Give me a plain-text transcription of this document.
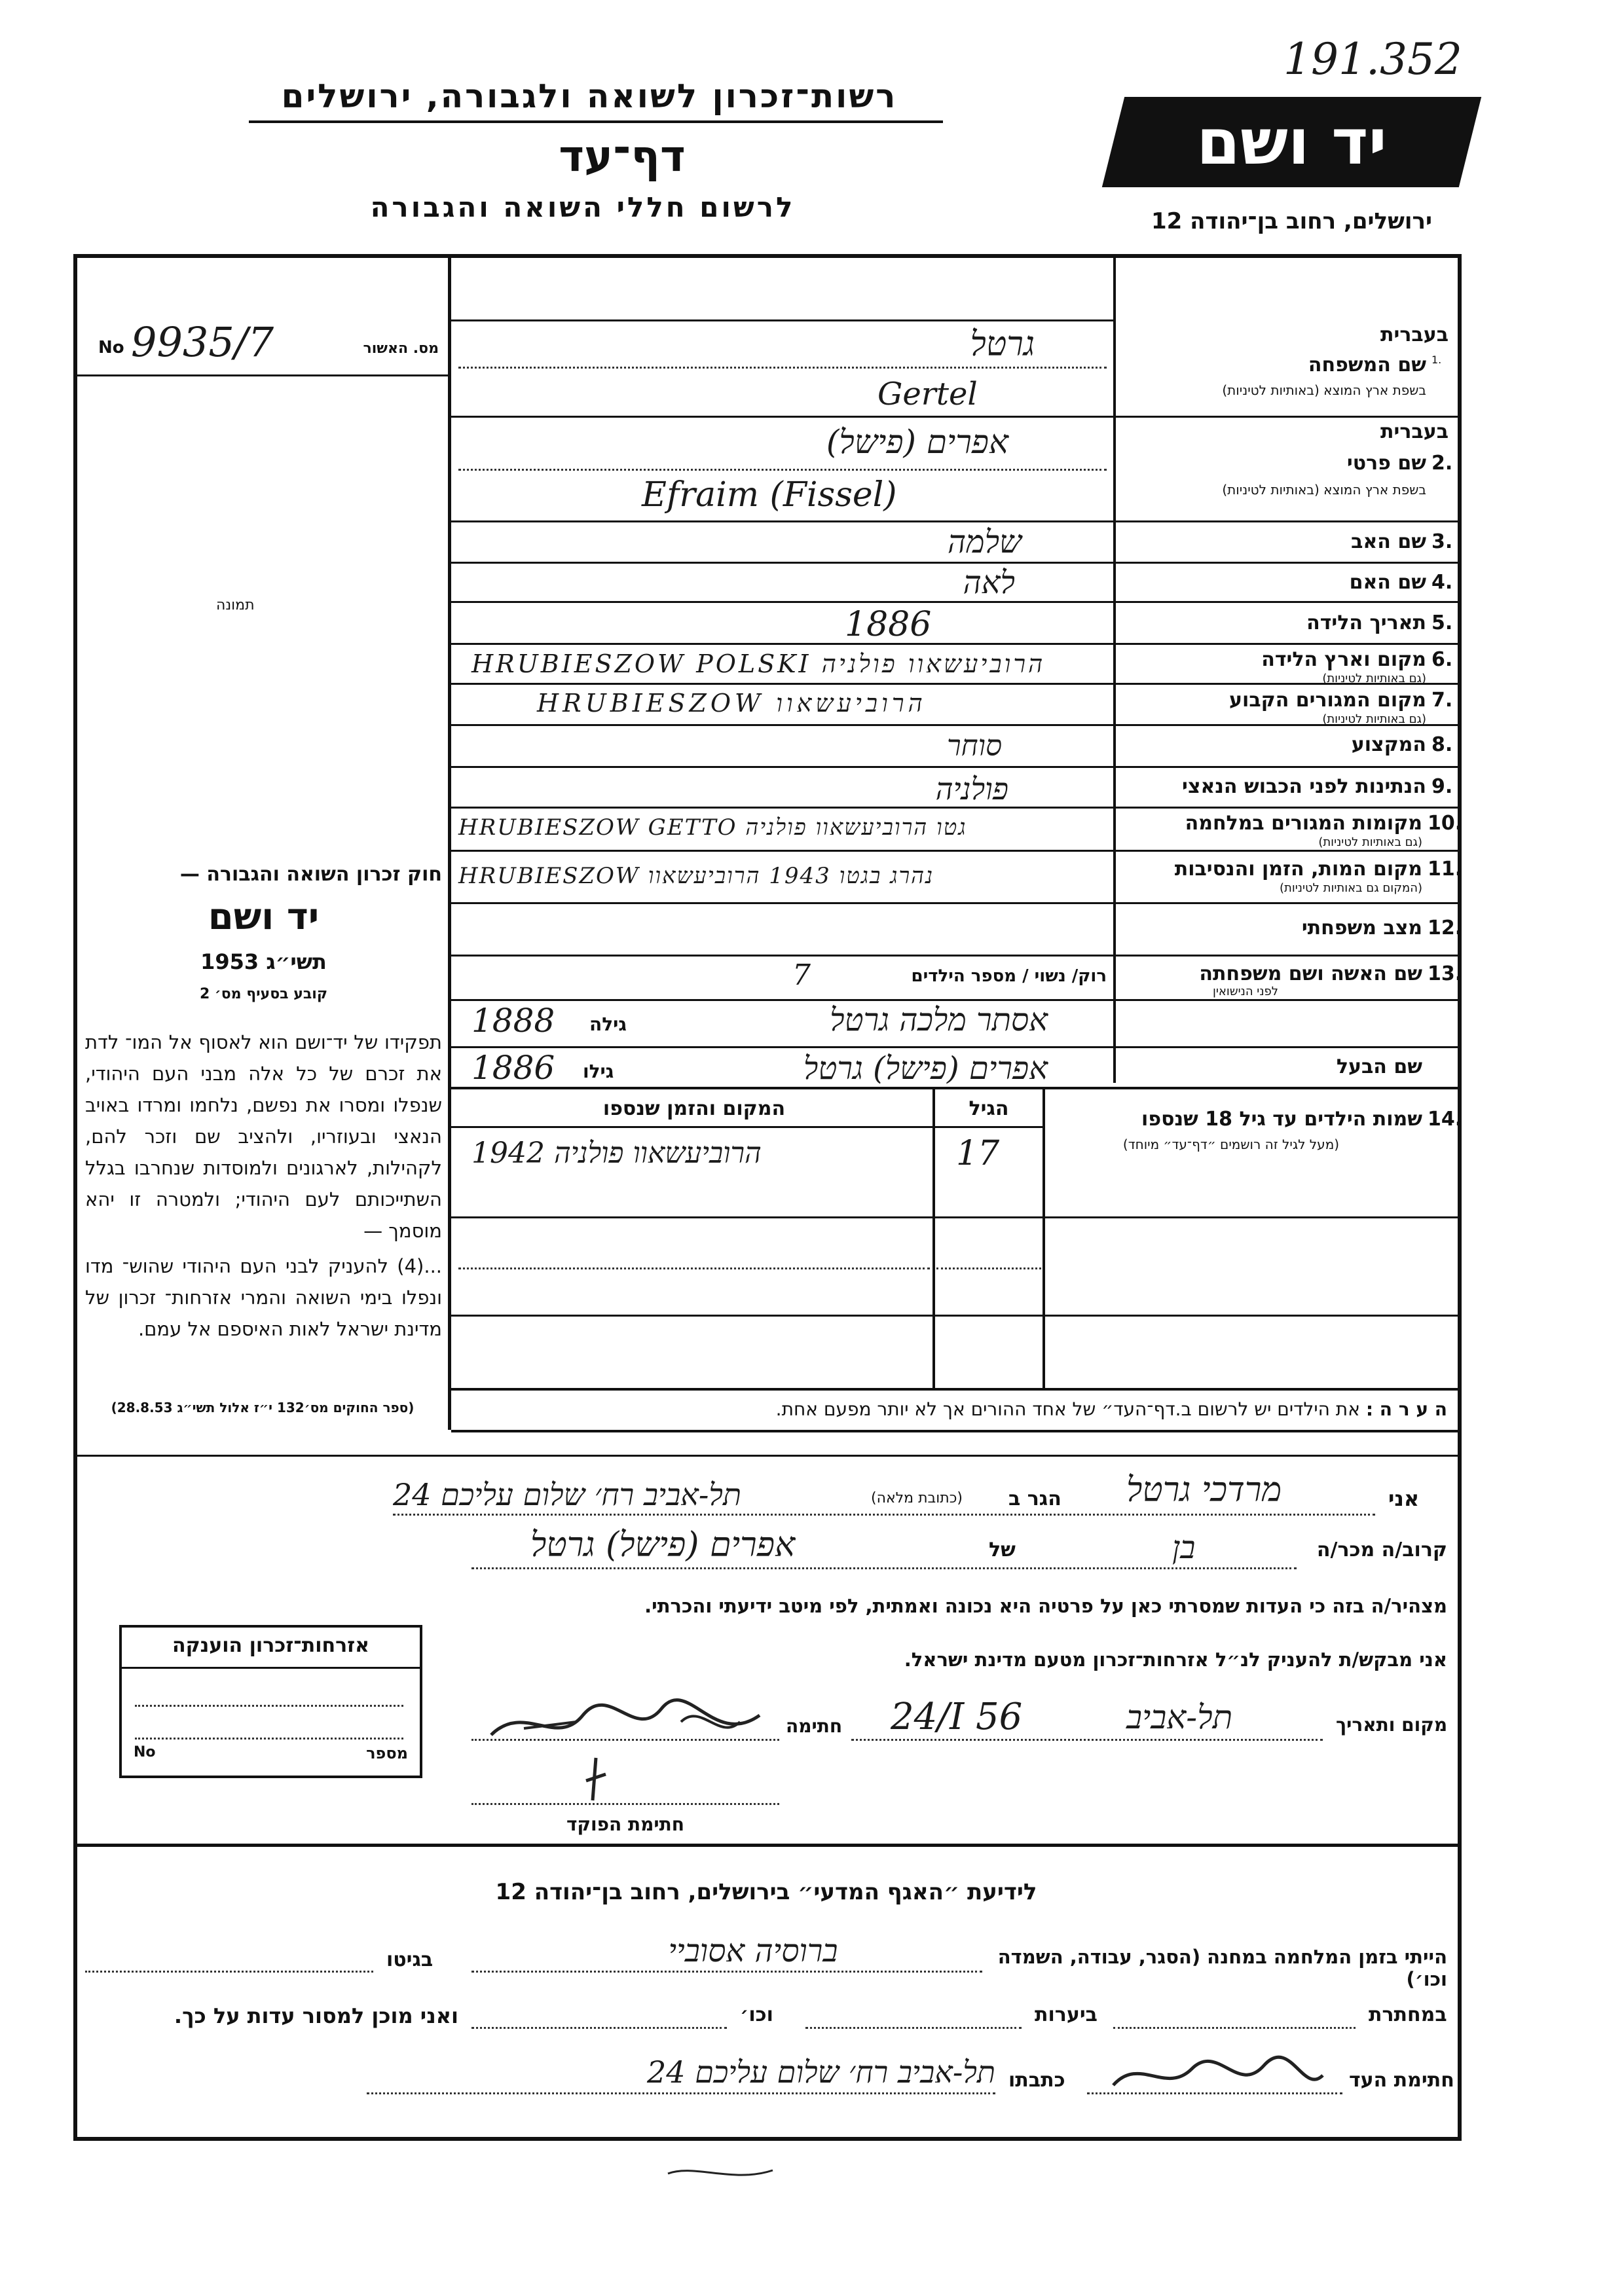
191.352
רשות־זכרון לשואה ולגבורה, ירושלים
דף־עד
לרשום חללי השואה והגבורה
יד ושם
ירושלים, רחוב בן־יהודה 12
No 9935/7	מס. האשור
תמונה
חוק זכרון השואה והגבורה —
יד ושם
תשי״ג 1953
קובע בסעיף מס׳ 2
תפקידו של יד־ושם הוא לאסוף אל המו־ לדת את זכרם של כל אלה מבני העם היהודי, שנפלו ומסרו את נפשם, נלחמו ומרדו באויב הנאצי ובעוזריו, ולהציב שם וזכר להם, לקהילות, לארגונים ולמוסדות שנחרבו בגלל השתייכותם לעם היהודי; ולמטרה זו יהא מוסמך —
...(4) להעניק לבני העם היהודי שהוש־ מדו ונפלו בימי השואה והמרי אזרחות־ זכרון של מדינת ישראל לאות האיספם אל עמם.
(ספר החוקים מס׳132 י״ז אלול תשי״ג 28.8.53)
בעברית
1.
שם המשפחה
בשפת ארץ המוצא (באותיות לטיניות)
בעברית
2.
שם פרטי
בשפת ארץ המוצא (באותיות לטיניות)
3.
שם האב
4.
שם האם
5.
תאריך הלידה
6.
מקום וארץ הלידה
(גם באותיות לטיניות)
7.
מקום המגורים הקבוע
(גם באותיות לטיניות)
8.
המקצוע
9.
הנתינות לפני הכבוש הנאצי
10.
מקומות המגורים במלחמה
(גם באותיות לטיניות)
11.
מקום המות, הזמן והנסיבות
(המקום גם באותיות לטיניות)
12.
מצב משפחתי
13.
שם האשה ושם משפחתה
לפני הנישואין
שם הבעל
גרטל
Gertel
אפרים (פישל)
Efraim (Fissel)
שלמה
לאה
1886
HRUBIESZOW POLSKI הרוביעשאוו פולניה
HRUBIESZOW הרוביעשאוו
סוחר
פולניה
HRUBIESZOW GETTO גטו הרוביעשאוו פולניה
HRUBIESZOW נהרג בגטו 1943 הרוביעשאוו
רוק/ נשוי / מספר הילדים
7
אסתר מלכה גרטל
גילה
1888
אפרים (פישל) גרטל
גילו
1886
14.
שמות הילדים עד גיל 18 שנספו
(מעל לגיל זה רושמים ״דף־עד״ מיוחד)
הגיל
המקום והזמן שנספו
17
1942 הרוביעשאוו פולניה
ה ע ר ה : את הילדים יש לרשום ב.דף־העד״ של אחד ההורים אך לא יותר מפעם אחת.
אני
מרדכי גרטל
הגר ב
(כתובת מלאה)
תל-אביב רח׳ שלום עליכם 24
קרוב/ה מכר/ה
בן
של
אפרים (פישל) גרטל
מצהיר/ה בזה כי העדות שמסרתי כאן על פרטיה היא נכונה ואמתית, לפי מיטב ידיעתי והכרתי.
אני מבקש/ת להעניק לנ״ל אזרחות־זכרון מטעם מדינת ישראל.
מקום ותאריך
תל-אביב
24/I 56
חתימה
חתימת הפוקד
אזרחות־זכרון הוענקה
מספר
No
לידיעת ״האגף המדעי״ בירושלים, רחוב בן־יהודה 12
הייתי בזמן המלחמה במחנה (הסגר, עבודה, השמדה וכו׳)
ברוסיה אסוביי
בגיטו
במחתרת
ביערות
וכו׳
ואני מוכן למסור עדות על כך.
חתימת העד
כתבתו
תל-אביב רח׳ שלום עליכם 24
